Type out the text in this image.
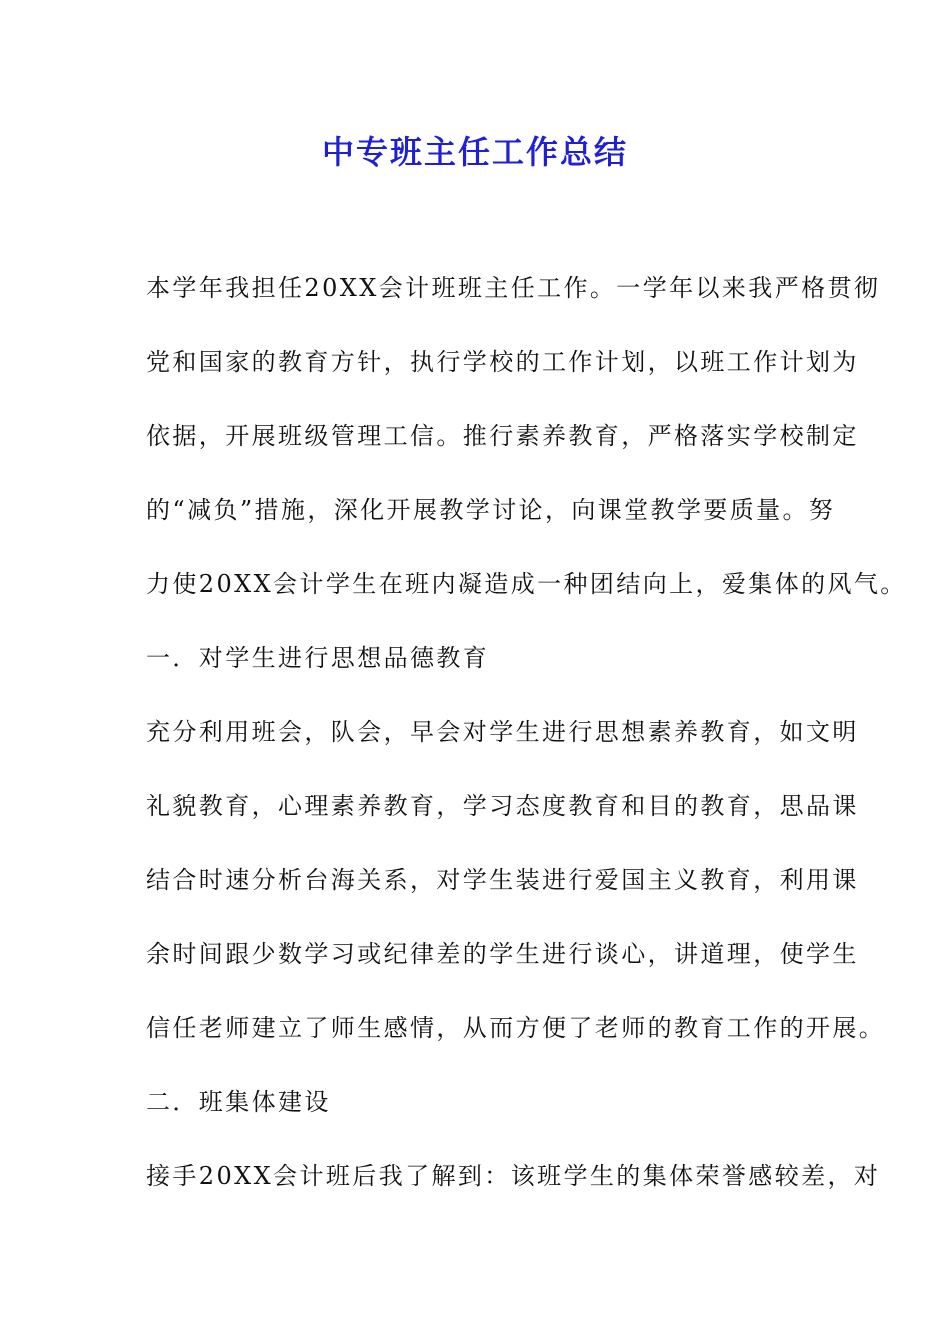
中专班主任工作总结
本学年我担任20XX会计班班主任工作。一学年以来我严格贯彻
党和国家的教育方针，执行学校的工作计划，以班工作计划为
依据，开展班级管理工信。推行素养教育，严格落实学校制定
的“减负”措施，深化开展教学讨论，向课堂教学要质量。努
力使20XX会计学生在班内凝造成一种团结向上，爱集体的风气。
一．对学生进行思想品德教育
充分利用班会，队会，早会对学生进行思想素养教育，如文明
礼貌教育，心理素养教育，学习态度教育和目的教育，思品课
结合时速分析台海关系，对学生装进行爱国主义教育，利用课
余时间跟少数学习或纪律差的学生进行谈心，讲道理，使学生
信任老师建立了师生感情，从而方便了老师的教育工作的开展。
二．班集体建设
接手20XX会计班后我了解到：该班学生的集体荣誉感较差，对
